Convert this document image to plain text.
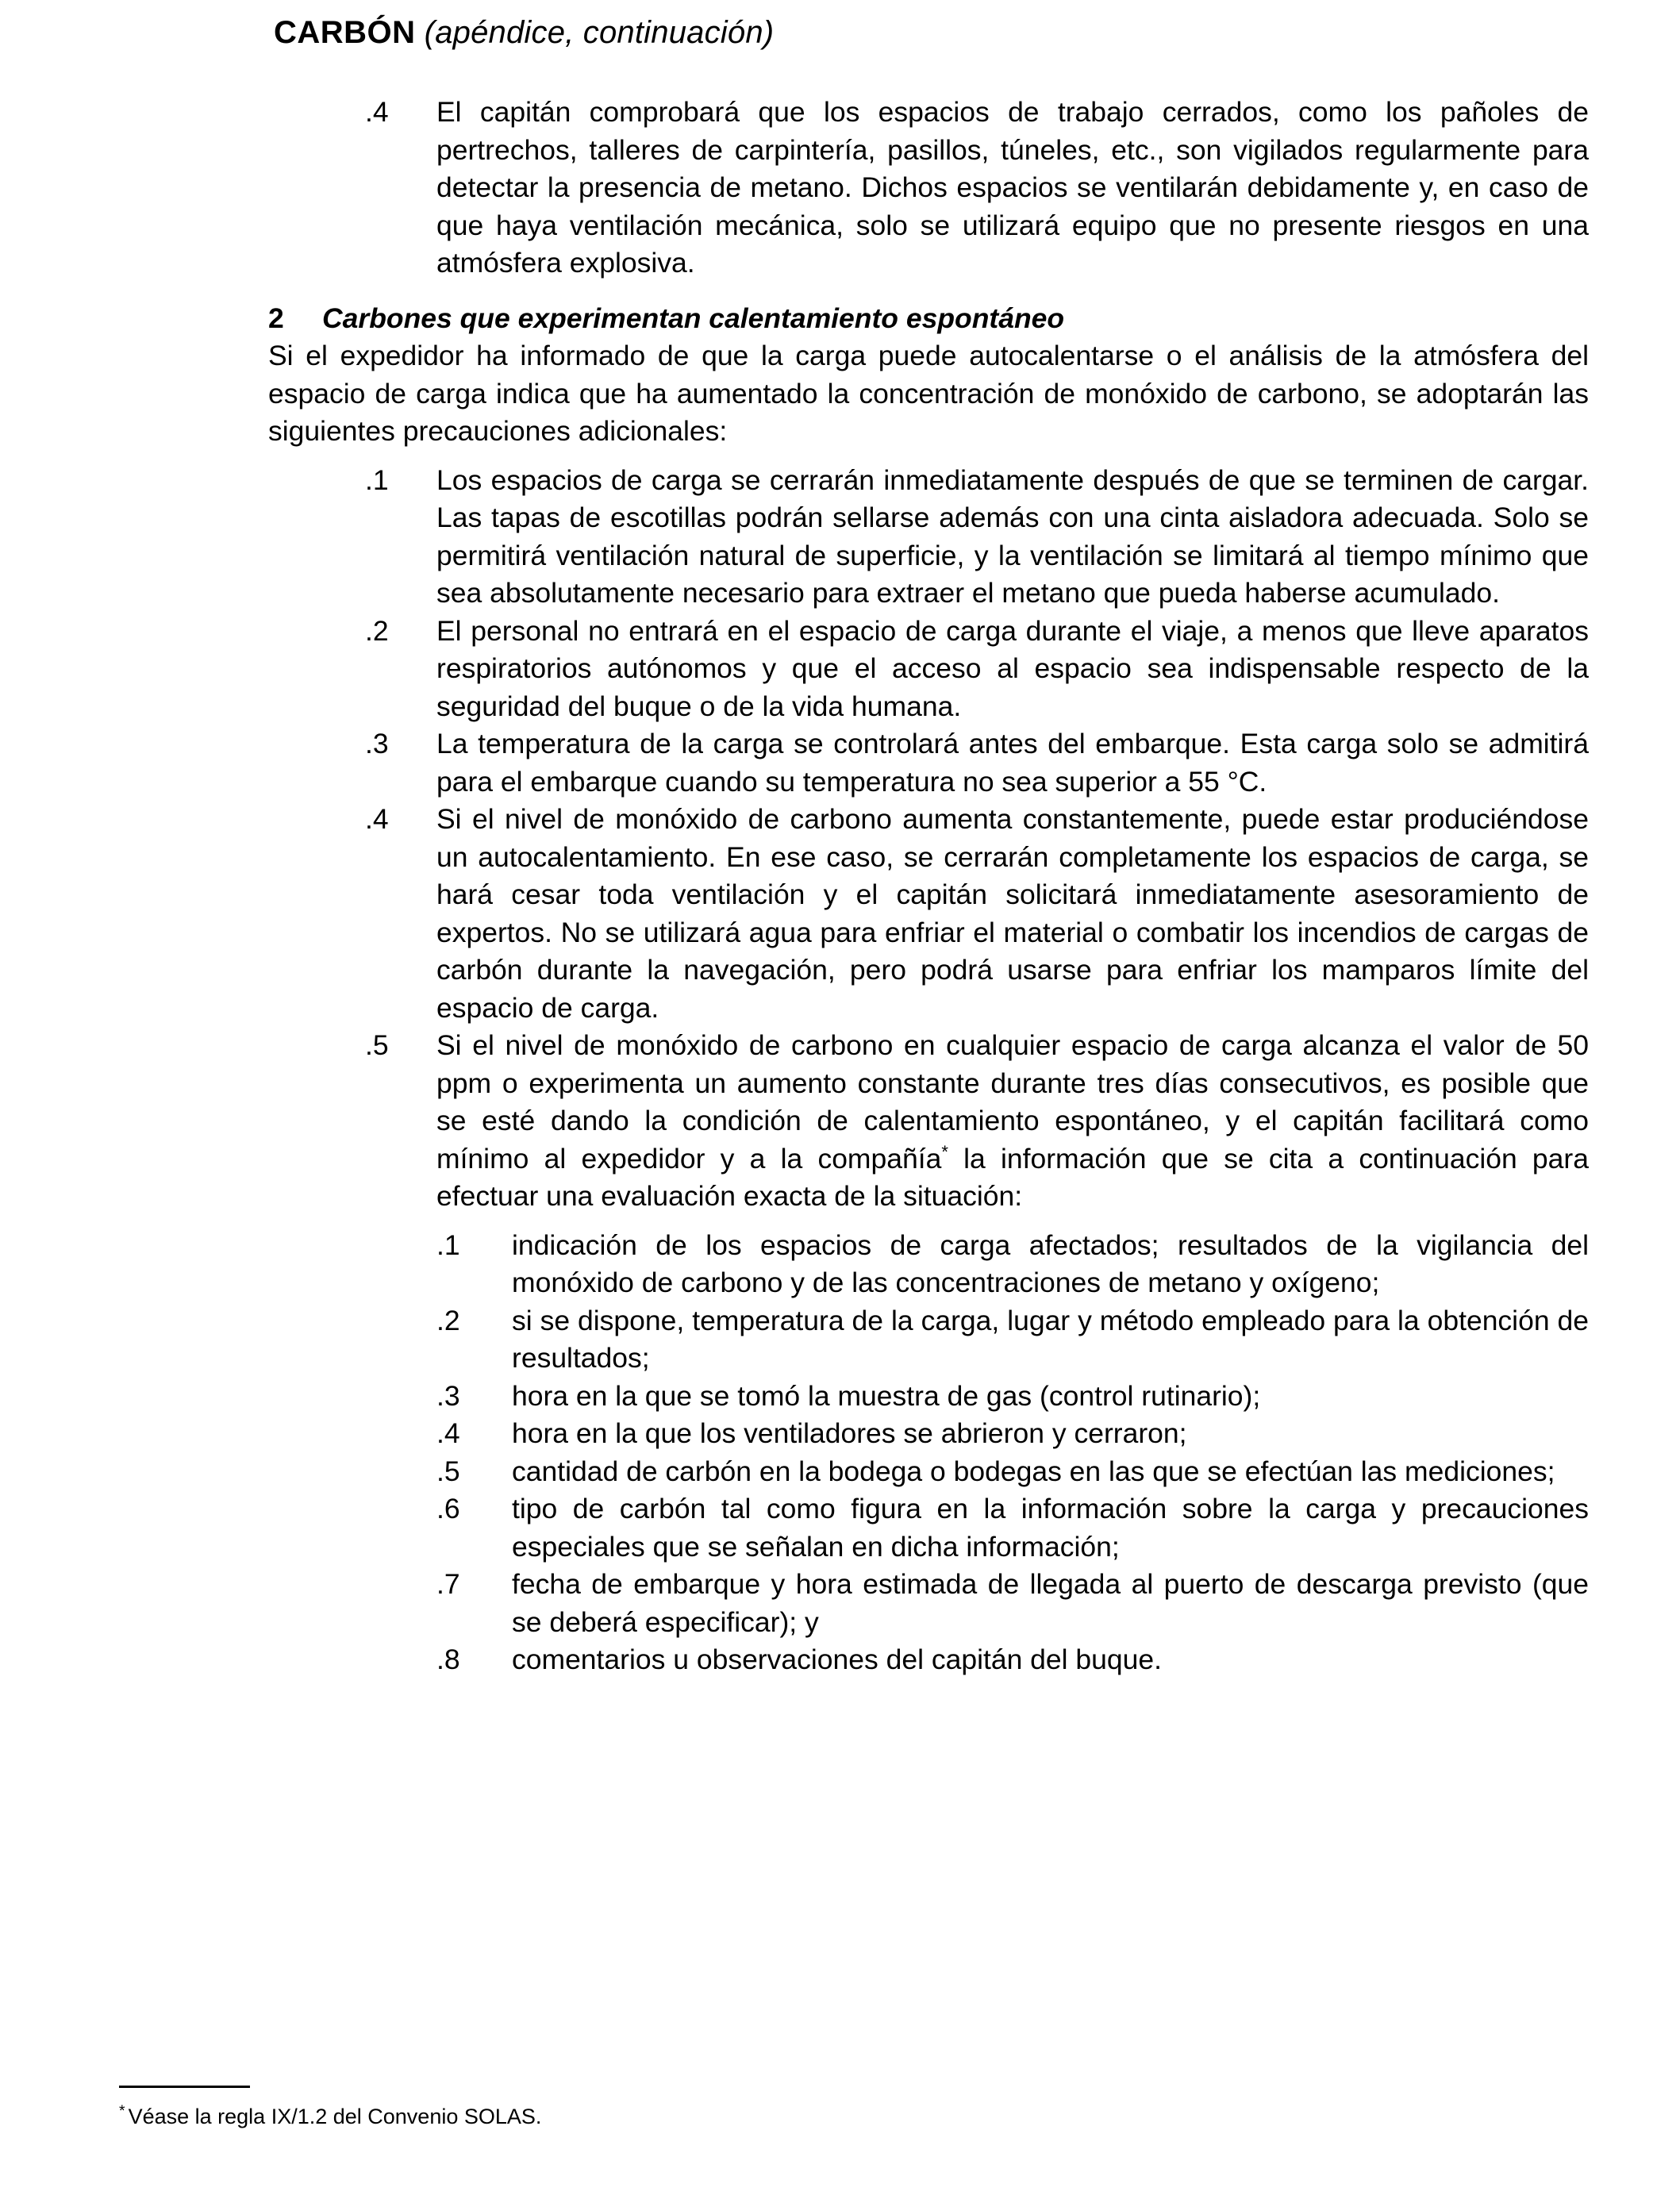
CARBÓN (apéndice, continuación)
.4	El capitán comprobará que los espacios de trabajo cerrados, como los pañoles de pertrechos, talleres de carpintería, pasillos, túneles, etc., son vigilados regularmente para detectar la presencia de metano. Dichos espacios se ventilarán debidamente y, en caso de que haya ventilación mecánica, solo se utilizará equipo que no presente riesgos en una atmósfera explosiva.
2	Carbones que experimentan calentamiento espontáneo

Si el expedidor ha informado de que la carga puede autocalentarse o el análisis de la atmósfera del espacio de carga indica que ha aumentado la concentración de monóxido de carbono, se adoptarán las siguientes precauciones adicionales:

.1	Los espacios de carga se cerrarán inmediatamente después de que se terminen de cargar. Las tapas de escotillas podrán sellarse además con una cinta aisladora adecuada. Solo se permitirá ventilación natural de superficie, y la ventilación se limitará al tiempo mínimo que sea absolutamente necesario para extraer el metano que pueda haberse acumulado.
.2	El personal no entrará en el espacio de carga durante el viaje, a menos que lleve aparatos respiratorios autónomos y que el acceso al espacio sea indispensable respecto de la seguridad del buque o de la vida humana.
.3	La temperatura de la carga se controlará antes del embarque. Esta carga solo se admitirá para el embarque cuando su temperatura no sea superior a 55 °C.
.4	Si el nivel de monóxido de carbono aumenta constantemente, puede estar produciéndose un autocalentamiento. En ese caso, se cerrarán completamente los espacios de carga, se hará cesar toda ventilación y el capitán solicitará inmediatamente asesoramiento de expertos. No se utilizará agua para enfriar el material o combatir los incendios de cargas de carbón durante la navegación, pero podrá usarse para enfriar los mamparos límite del espacio de carga.
.5	Si el nivel de monóxido de carbono en cualquier espacio de carga alcanza el valor de 50 ppm o experimenta un aumento constante durante tres días consecutivos, es posible que se esté dando la condición de calentamiento espontáneo, y el capitán facilitará como mínimo al expedidor y a la compañía* la información que se cita a continuación para efectuar una evaluación exacta de la situación:
.1	indicación de los espacios de carga afectados; resultados de la vigilancia del monóxido de carbono y de las concentraciones de metano y oxígeno;
.2	si se dispone, temperatura de la carga, lugar y método empleado para la obtención de resultados;
.3	hora en la que se tomó la muestra de gas (control rutinario);
.4	hora en la que los ventiladores se abrieron y cerraron;
.5	cantidad de carbón en la bodega o bodegas en las que se efectúan las mediciones;
.6	tipo de carbón tal como figura en la información sobre la carga y precauciones especiales que se señalan en dicha información;
.7	fecha de embarque y hora estimada de llegada al puerto de descarga previsto (que se deberá especificar); y
.8	comentarios u observaciones del capitán del buque.
* Véase la regla IX/1.2 del Convenio SOLAS.
